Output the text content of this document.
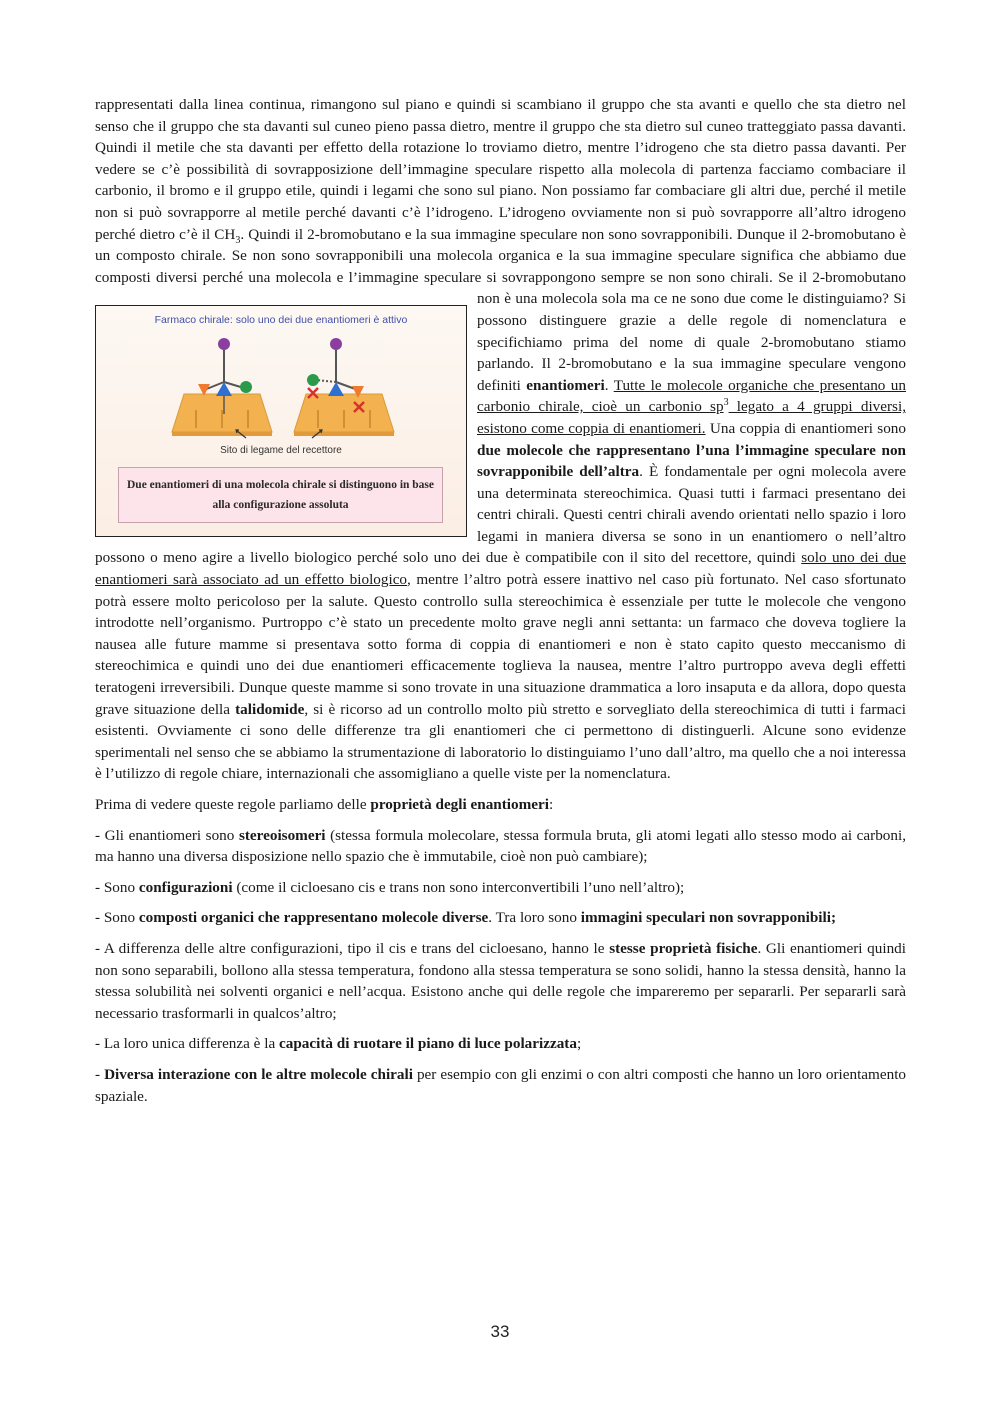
Farmaco chirale: solo uno dei due enantiomeri è attivo
Sito di legame del recettore
Due enantiomeri di una molecola chirale si distinguono in base alla configurazione assoluta

rappresentati dalla linea continua, rimangono sul piano e quindi si scambiano il gruppo che sta avanti e quello che sta dietro nel senso che il gruppo che sta davanti sul cuneo pieno passa dietro, mentre il gruppo che sta dietro sul cuneo tratteggiato passa davanti. Quindi il metile che sta davanti per effetto della rotazione lo troviamo dietro, mentre l’idrogeno che sta dietro passa davanti. Per vedere se c’è possibilità di sovrapposizione dell’immagine speculare rispetto alla molecola di partenza facciamo combaciare il carbonio, il bromo e il gruppo etile, quindi i legami che sono sul piano. Non possiamo far combaciare gli altri due, perché il metile non si può sovrapporre al metile perché davanti c’è l’idrogeno. L’idrogeno ovviamente non si può sovrapporre all’altro idrogeno perché dietro c’è il $CH_3$. Quindi il 2-bromobutano e la sua immagine speculare non sono sovrapponibili. Dunque il 2-bromobutano è un composto chirale. Se non sono sovrapponibili una molecola organica e la sua immagine speculare significa che abbiamo due composti diversi perché una molecola e l’immagine speculare si sovrappongono sempre se non sono chirali. Se il 2-bromobutano non è una molecola sola ma ce ne sono due come le distinguiamo? Si possono distinguere grazie a delle regole di nomenclatura e specifichiamo prima del nome di quale 2-bromobutano stiamo parlando. Il 2-bromobutano e la sua immagine speculare vengono definiti enantiomeri. Tutte le molecole organiche che presentano un carbonio chirale, cioè un carbonio $sp^3$ legato a 4 gruppi diversi, esistono come coppia di enantiomeri. Una coppia di enantiomeri sono due molecole che rappresentano l’una l’immagine speculare non sovrapponibile dell’altra. È fondamentale per ogni molecola avere una determinata stereochimica. Quasi tutti i farmaci presentano dei centri chirali. Questi centri chirali avendo orientati nello spazio i loro legami in maniera diversa se sono in un enantiomero o nell’altro possono o meno agire a livello biologico perché solo uno dei due è compatibile con il sito del recettore, quindi solo uno dei due enantiomeri sarà associato ad un effetto biologico, mentre l’altro potrà essere inattivo nel caso più fortunato. Nel caso sfortunato potrà essere molto pericoloso per la salute. Questo controllo sulla stereochimica è essenziale per tutte le molecole che vengono introdotte nell’organismo. Purtroppo c’è stato un precedente molto grave negli anni settanta: un farmaco che doveva togliere la nausea alle future mamme si presentava sotto forma di coppia di enantiomeri e non è stato capito questo meccanismo di stereochimica e quindi uno dei due enantiomeri efficacemente toglieva la nausea, mentre l’altro purtroppo aveva degli effetti teratogeni irreversibili. Dunque queste mamme si sono trovate in una situazione drammatica a loro insaputa e da allora, dopo questa grave situazione della talidomide, si è ricorso ad un controllo molto più stretto e sorvegliato della stereochimica di tutti i farmaci esistenti. Ovviamente ci sono delle differenze tra gli enantiomeri che ci permettono di distinguerli. Alcune sono evidenze sperimentali nel senso che se abbiamo la strumentazione di laboratorio lo distinguiamo l’uno dall’altro, ma quello che a noi interessa è l’utilizzo di regole chiare, internazionali che assomigliano a quelle viste per la nomenclatura.

Prima di vedere queste regole parliamo delle proprietà degli enantiomeri:

- Gli enantiomeri sono stereoisomeri (stessa formula molecolare, stessa formula bruta, gli atomi legati allo stesso modo ai carboni, ma hanno una diversa disposizione nello spazio che è immutabile, cioè non può cambiare);

- Sono configurazioni (come il cicloesano cis e trans non sono interconvertibili l’uno nell’altro);

- Sono composti organici che rappresentano molecole diverse. Tra loro sono immagini speculari non sovrapponibili;

- A differenza delle altre configurazioni, tipo il cis e trans del cicloesano, hanno le stesse proprietà fisiche. Gli enantiomeri quindi non sono separabili, bollono alla stessa temperatura, fondono alla stessa temperatura se sono solidi, hanno la stessa densità, hanno la stessa solubilità nei solventi organici e nell’acqua. Esistono anche qui delle regole che impareremo per separarli. Per separarli sarà necessario trasformarli in qualcos’altro;

- La loro unica differenza è la capacità di ruotare il piano di luce polarizzata;

- Diversa interazione con le altre molecole chirali per esempio con gli enzimi o con altri composti che hanno un loro orientamento spaziale.

33
